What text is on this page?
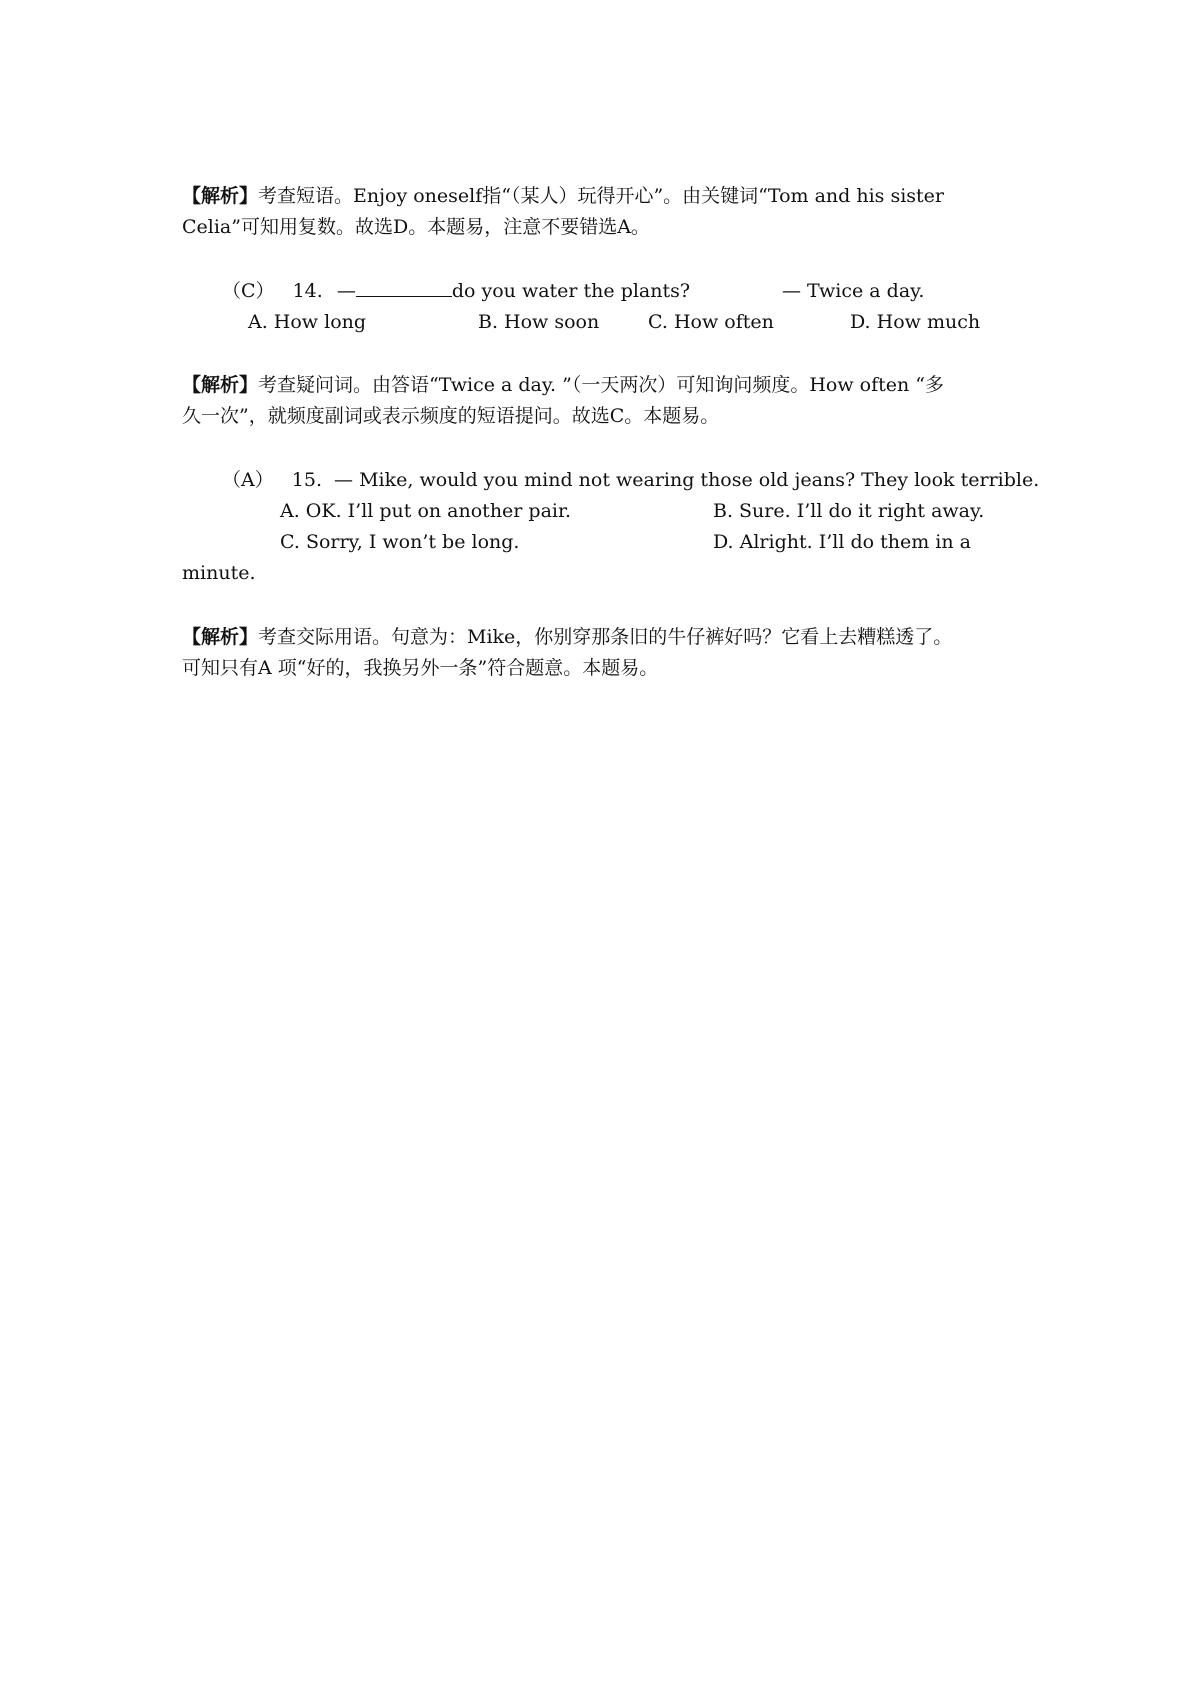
【解析】考查短语。Enjoy oneself指“（某人）玩得开心”。由关键词“Tom and his sister
Celia”可知用复数。故选D。本题易，注意不要错选A。
（C） 14. —	do you water the plants?	— Twice a day.
A. How long	B. How soon	C. How often	D. How much
【解析】考查疑问词。由答语“Twice a day. ”（一天两次）可知询问频度。How often “多
久一次”，就频度副词或表示频度的短语提问。故选C。本题易。
（A） 15. — Mike, would you mind not wearing those old jeans? They look terrible.
A. OK. I’ll put on another pair.	B. Sure. I’ll do it right away.
C. Sorry, I won’t be long.	D. Alright. I’ll do them in a
minute.
【解析】考查交际用语。句意为：Mike，你别穿那条旧的牛仔裤好吗？它看上去糟糕透了。
可知只有A 项“好的，我换另外一条”符合题意。本题易。
